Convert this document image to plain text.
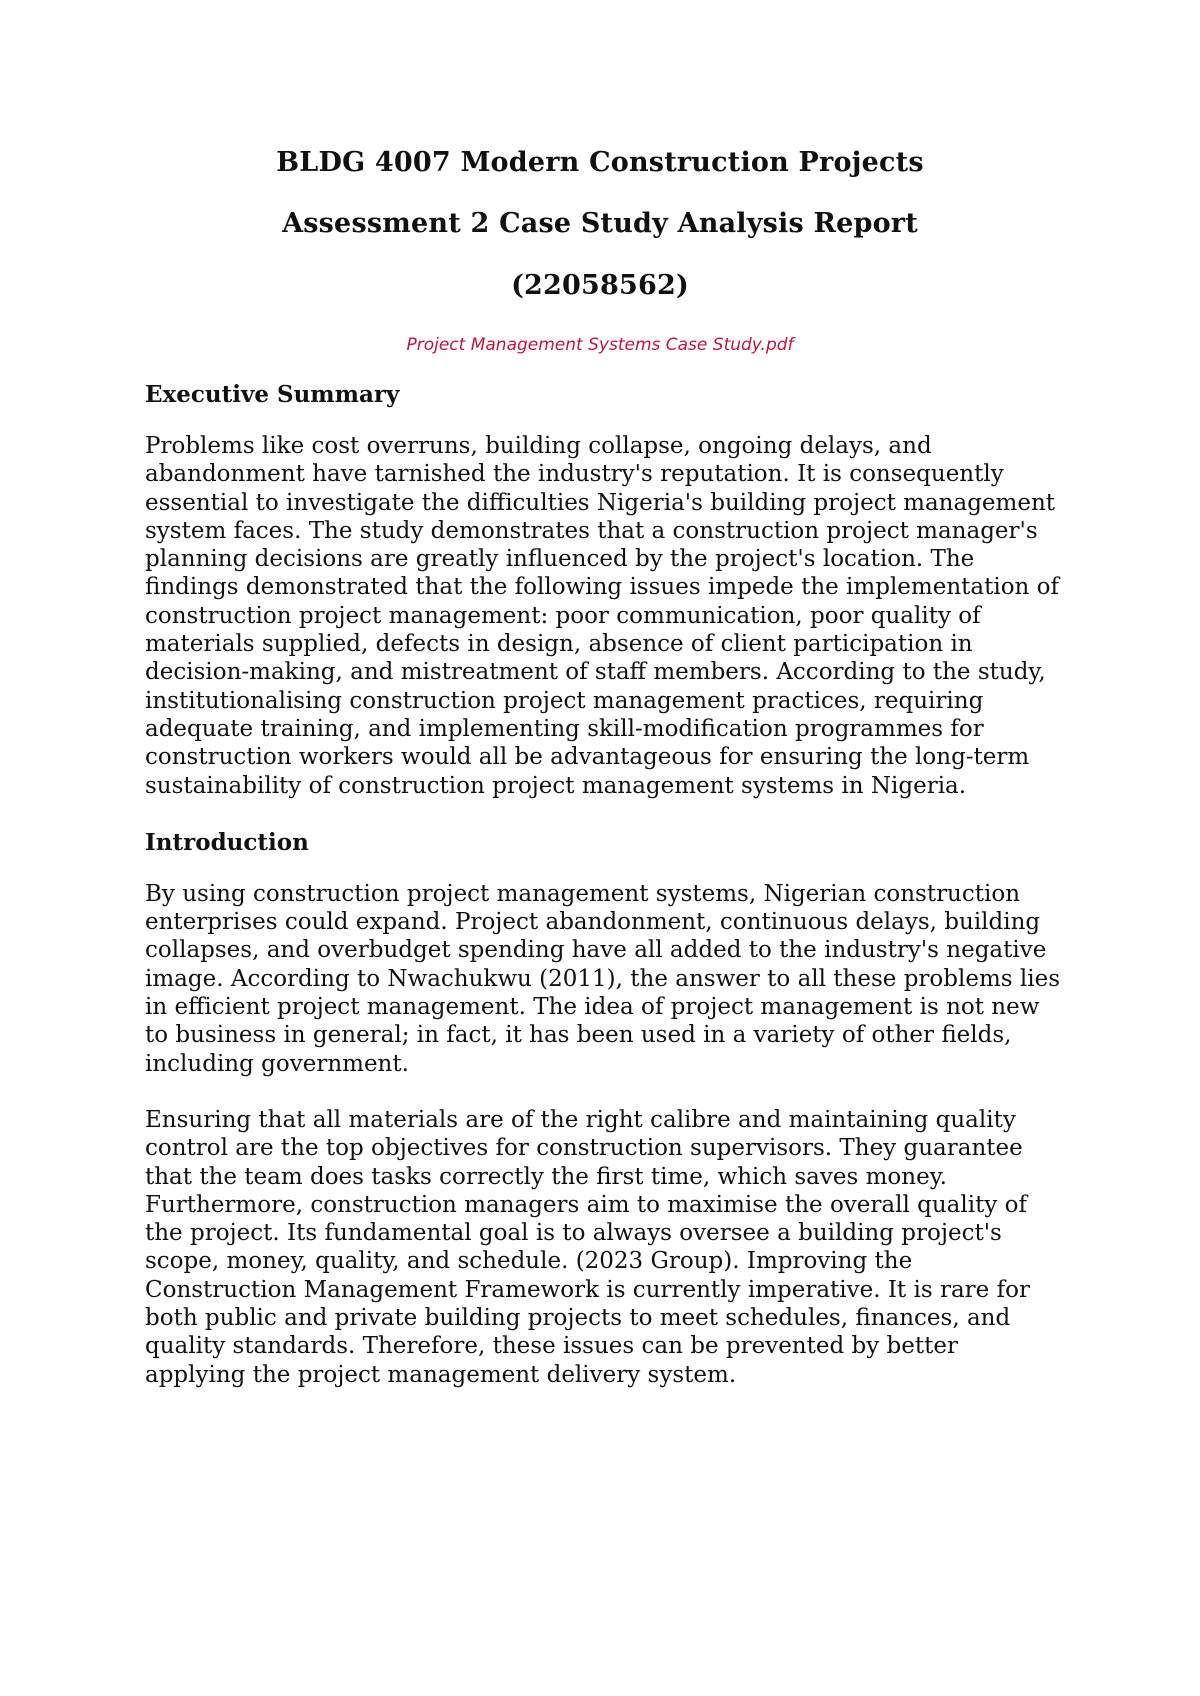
BLDG 4007 Modern Construction Projects
Assessment 2 Case Study Analysis Report
(22058562)
Project Management Systems Case Study.pdf
Executive Summary

Problems like cost overruns, building collapse, ongoing delays, and abandonment have tarnished the industry's reputation. It is consequently essential to investigate the difficulties Nigeria's building project management system faces. The study demonstrates that a construction project manager's planning decisions are greatly influenced by the project's location. The findings demonstrated that the following issues impede the implementation of construction project management: poor communication, poor quality of materials supplied, defects in design, absence of client participation in decision-making, and mistreatment of staff members. According to the study, institutionalising construction project management practices, requiring adequate training, and implementing skill-modification programmes for construction workers would all be advantageous for ensuring the long-term sustainability of construction project management systems in Nigeria.

Introduction

By using construction project management systems, Nigerian construction enterprises could expand. Project abandonment, continuous delays, building collapses, and overbudget spending have all added to the industry's negative image. According to Nwachukwu (2011), the answer to all these problems lies in efficient project management. The idea of project management is not new to business in general; in fact, it has been used in a variety of other fields, including government.

Ensuring that all materials are of the right calibre and maintaining quality control are the top objectives for construction supervisors. They guarantee that the team does tasks correctly the first time, which saves money. Furthermore, construction managers aim to maximise the overall quality of the project. Its fundamental goal is to always oversee a building project's scope, money, quality, and schedule. (2023 Group). Improving the Construction Management Framework is currently imperative. It is rare for both public and private building projects to meet schedules, finances, and quality standards. Therefore, these issues can be prevented by better applying the project management delivery system.
